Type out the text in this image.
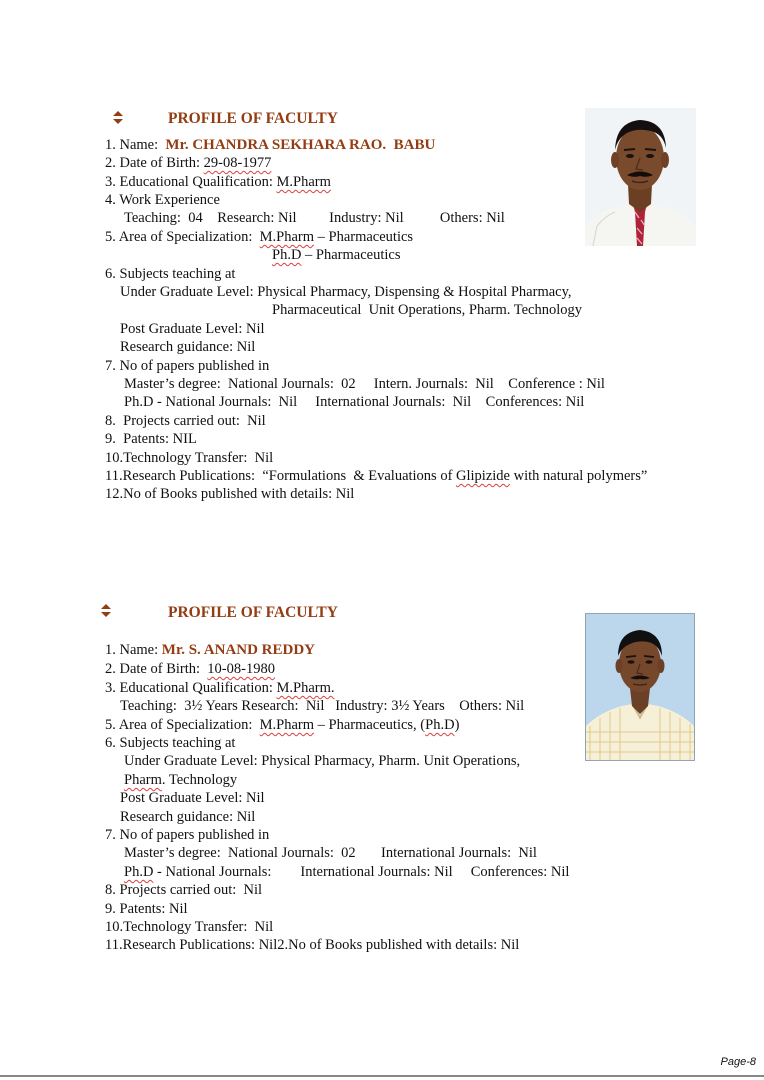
PROFILE OF FACULTY
1. Name: Mr. CHANDRA SEKHARA RAO.  BABU
2. Date of Birth: 29-08-1977
3. Educational Qualification: M.Pharm
4. Work Experience
Teaching:  04    Research: Nil         Industry: Nil          Others: Nil
5. Area of Specialization:  M.Pharm – Pharmaceutics
Ph.D – Pharmaceutics
6. Subjects teaching at
Under Graduate Level: Physical Pharmacy, Dispensing & Hospital Pharmacy,
Pharmaceutical  Unit Operations, Pharm. Technology
Post Graduate Level: Nil
Research guidance: Nil
7. No of papers published in
Master’s degree:  National Journals:  02     Intern. Journals:  Nil    Conference : Nil
Ph.D - National Journals:  Nil     International Journals:  Nil    Conferences: Nil
8.  Projects carried out:  Nil
9.  Patents: NIL
10.Technology Transfer:  Nil
11.Research Publications:  “Formulations  & Evaluations of Glipizide with natural polymers”
12.No of Books published with details: Nil
PROFILE OF FACULTY
1. Name: Mr. S. ANAND REDDY
2. Date of Birth:  10-08-1980
3. Educational Qualification: M.Pharm.
Teaching:  3½ Years Research:  Nil   Industry: 3½ Years    Others: Nil
5. Area of Specialization:  M.Pharm – Pharmaceutics, (Ph.D)
6. Subjects teaching at
Under Graduate Level: Physical Pharmacy, Pharm. Unit Operations,
Pharm. Technology
Post Graduate Level: Nil
Research guidance: Nil
7. No of papers published in
Master’s degree:  National Journals:  02       International Journals:  Nil
Ph.D - National Journals:        International Journals: Nil     Conferences: Nil
8. Projects carried out:  Nil
9. Patents: Nil
10.Technology Transfer:  Nil
11.Research Publications: Nil2.No of Books published with details: Nil
Page-8
